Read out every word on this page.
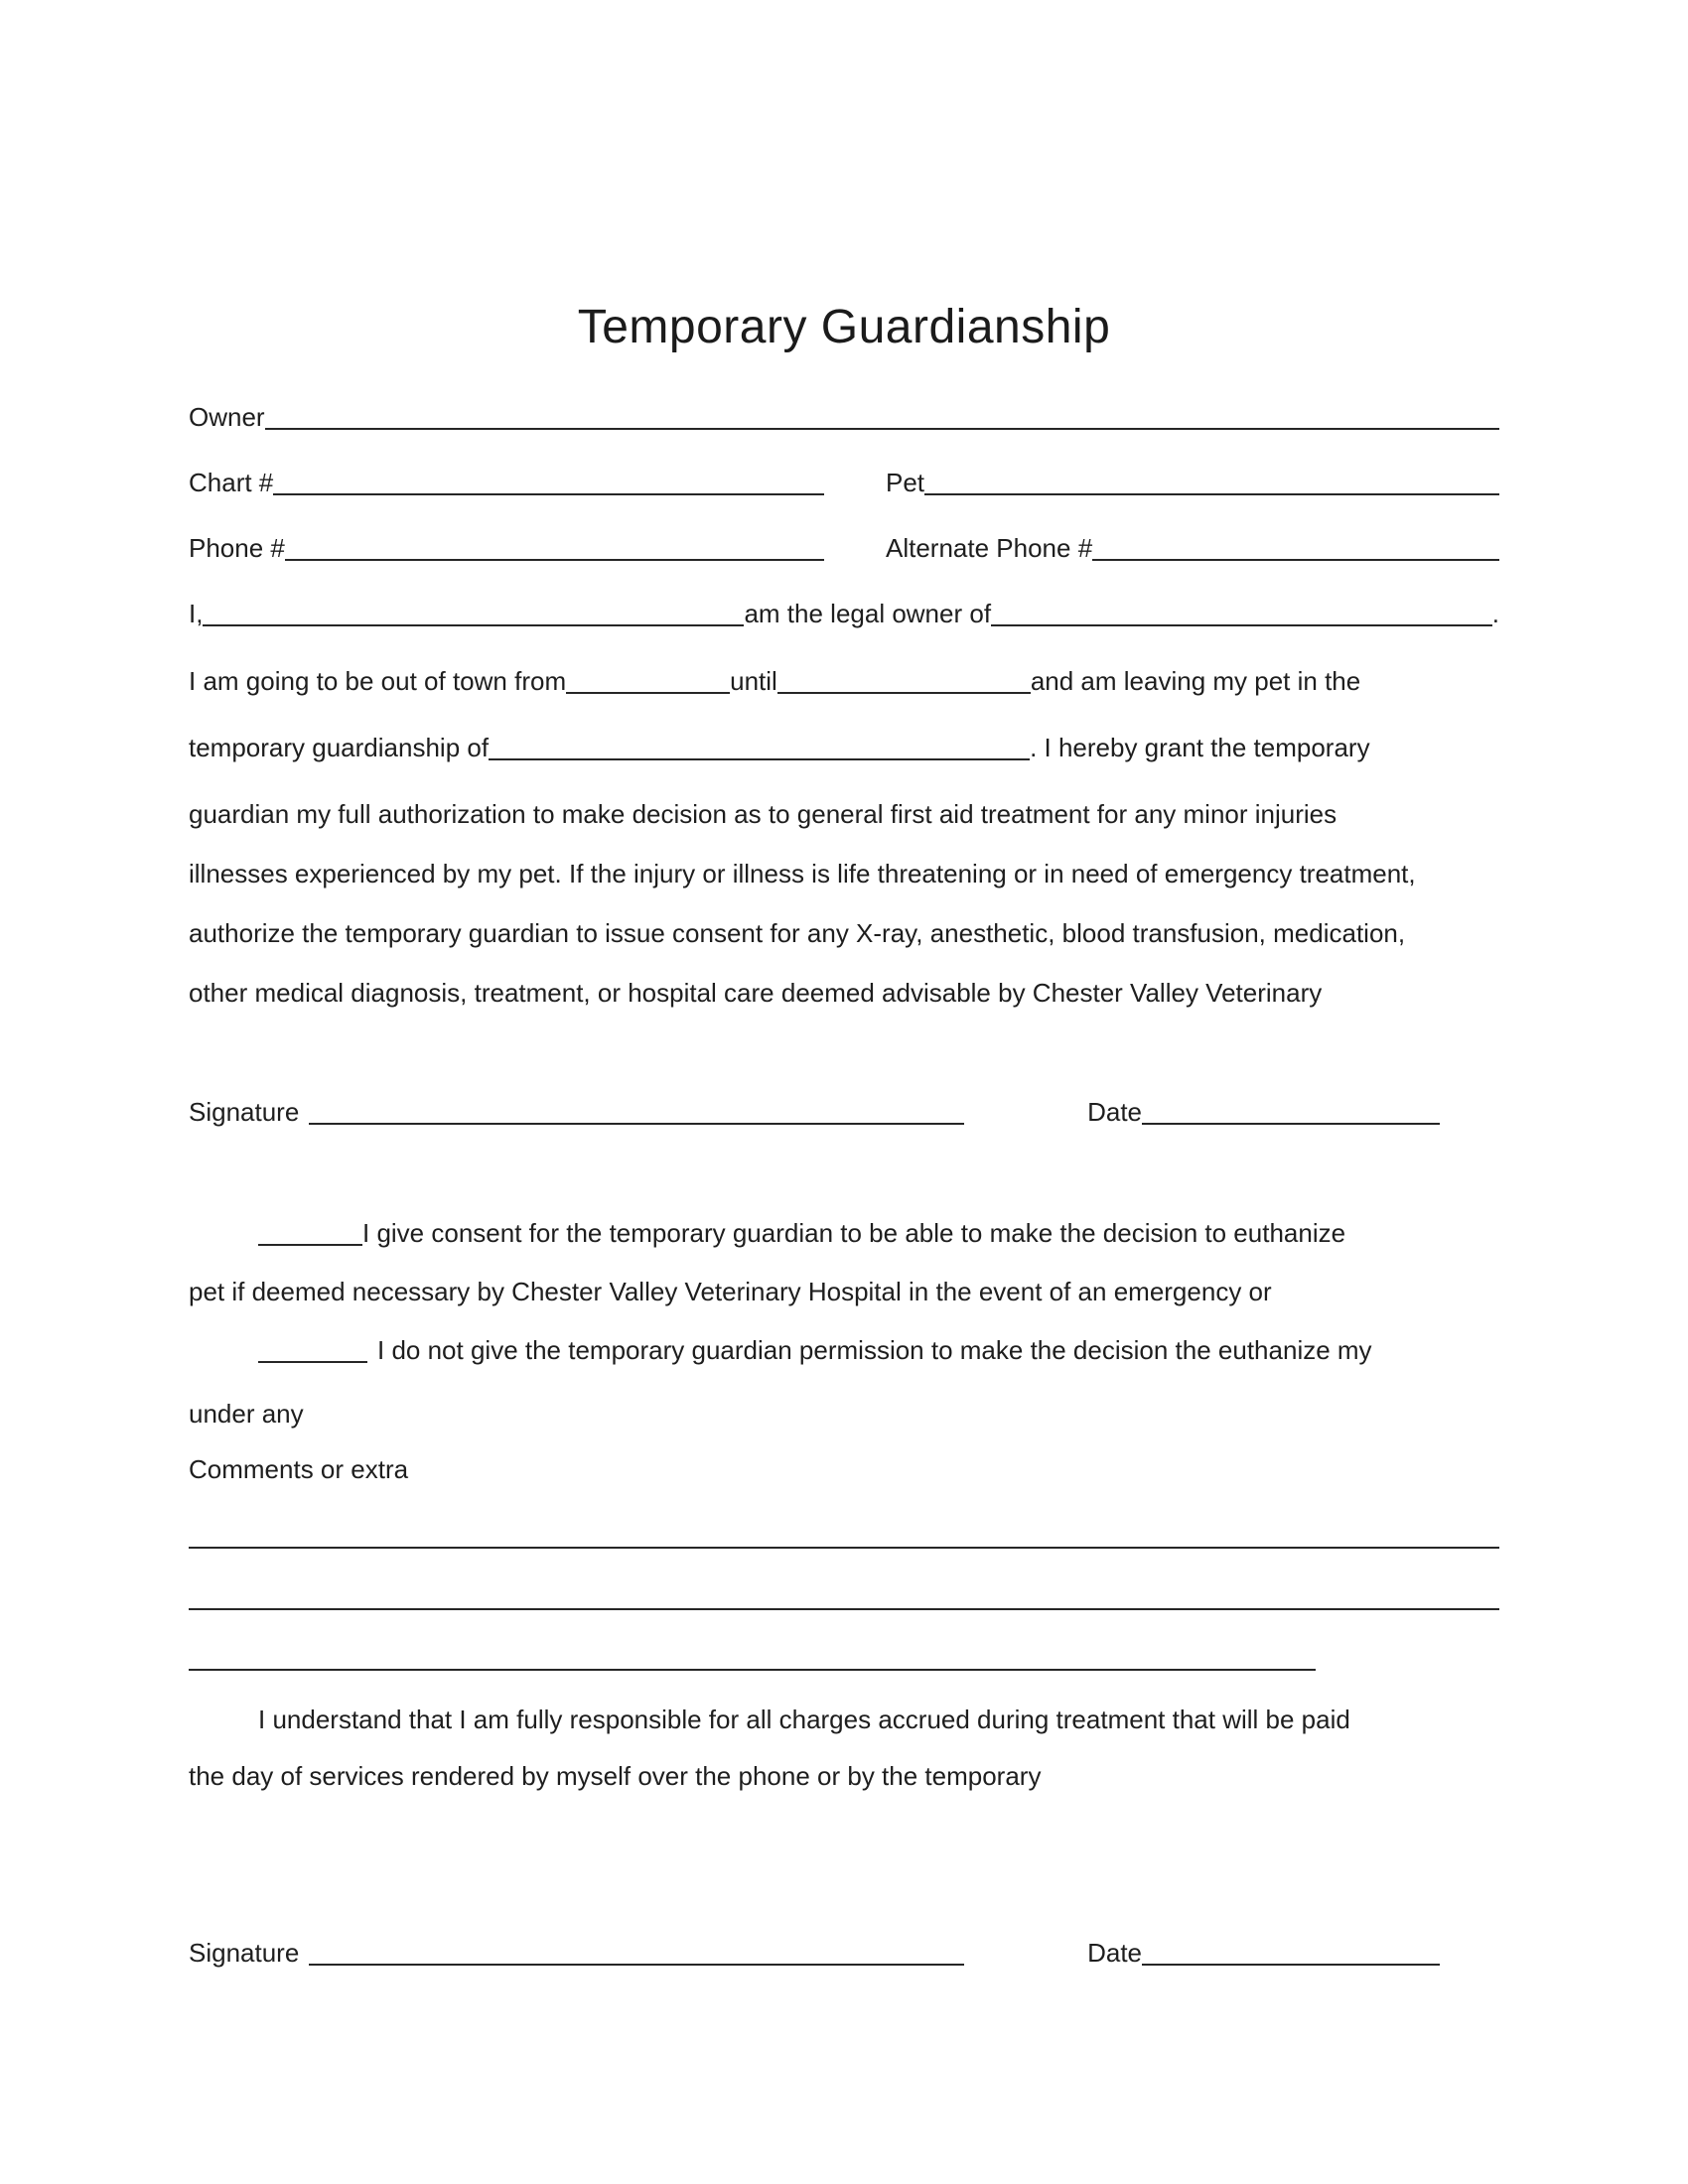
Temporary Guardianship
Owner
Chart #	Pet
Phone #	Alternate Phone #
I,	am the legal owner of	.
I am going to be out of town from	until	and am leaving my pet in the
temporary guardianship of	. I hereby grant the temporary
guardian my full authorization to make decision as to general first aid treatment for any minor injuries
illnesses experienced by my pet. If the injury or illness is life threatening or in need of emergency treatment,
authorize the temporary guardian to issue consent for any X-ray, anesthetic, blood transfusion, medication,
other medical diagnosis, treatment, or hospital care deemed advisable by Chester Valley Veterinary
Signature	Date
I give consent for the temporary guardian to be able to make the decision to euthanize
pet if deemed necessary by Chester Valley Veterinary Hospital in the event of an emergency or
I do not give the temporary guardian permission to make the decision the euthanize my
under any
Comments or extra
I understand that I am fully responsible for all charges accrued during treatment that will be paid
the day of services rendered by myself over the phone or by the temporary
Signature	Date
